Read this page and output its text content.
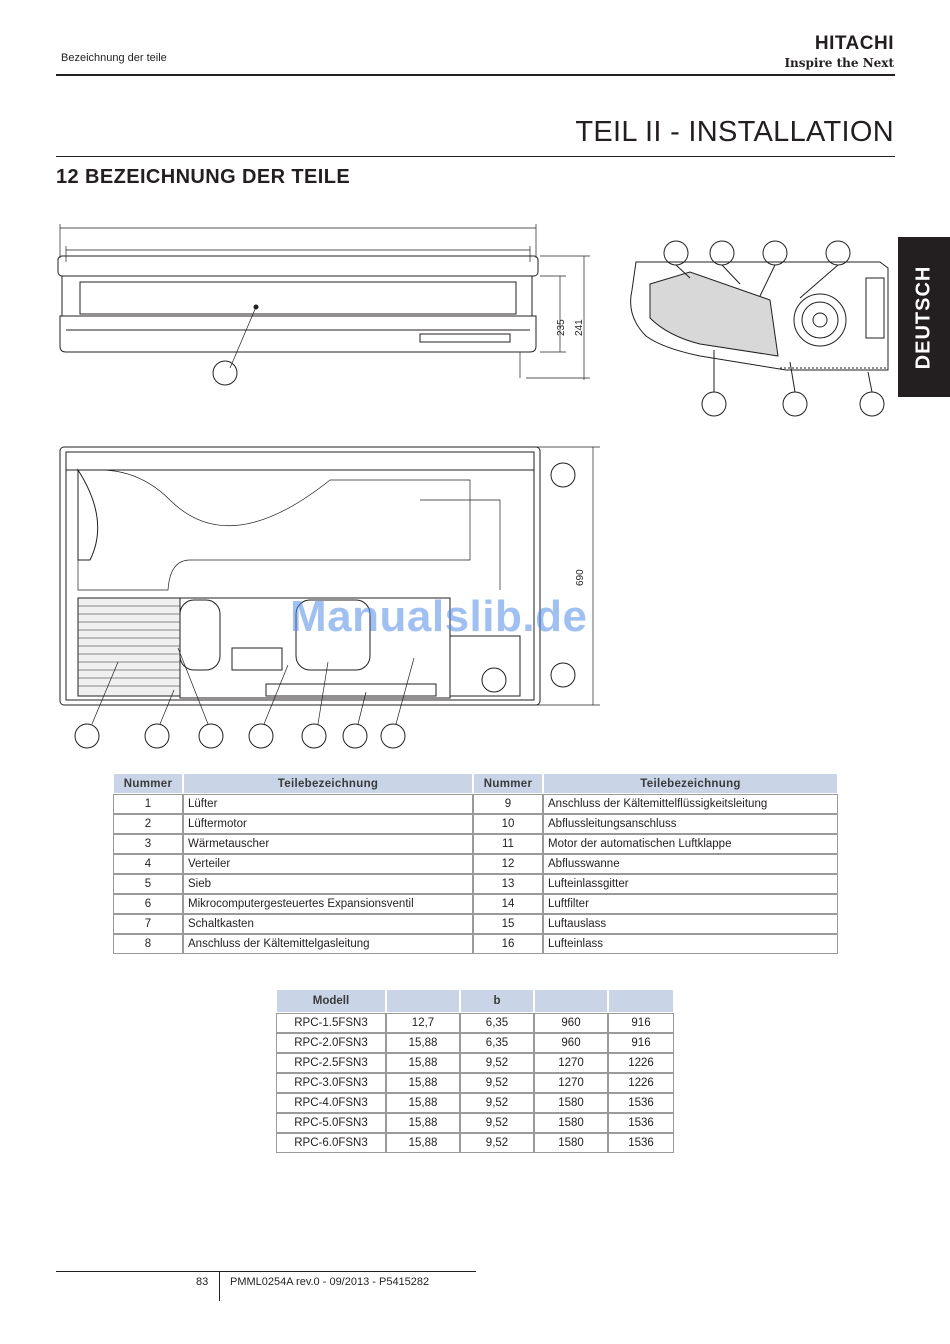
Bezeichnung der teile
HITACHI
Inspire the Next
TEIL II - INSTALLATION
12 BEZEICHNUNG DER TEILE
DEUTSCH
235 241
690
Manualslib.de
Nummer	Teilebezeichnung	Nummer	Teilebezeichnung
1	Lüfter	9	Anschluss der Kältemittelflüssigkeitsleitung
2	Lüftermotor	10	Abflussleitungsanschluss
3	Wärmetauscher	11	Motor der automatischen Luftklappe
4	Verteiler	12	Abflusswanne
5	Sieb	13	Lufteinlassgitter
6	Mikrocomputergesteuertes Expansionsventil	14	Luftfilter
7	Schaltkasten	15	Luftauslass
8	Anschluss der Kältemittelgasleitung	16	Lufteinlass
Modell		b		
RPC-1.5FSN3	12,7	6,35	960	916
RPC-2.0FSN3	15,88	6,35	960	916
RPC-2.5FSN3	15,88	9,52	1270	1226
RPC-3.0FSN3	15,88	9,52	1270	1226
RPC-4.0FSN3	15,88	9,52	1580	1536
RPC-5.0FSN3	15,88	9,52	1580	1536
RPC-6.0FSN3	15,88	9,52	1580	1536
83 PMML0254A rev.0 - 09/2013 - P5415282
